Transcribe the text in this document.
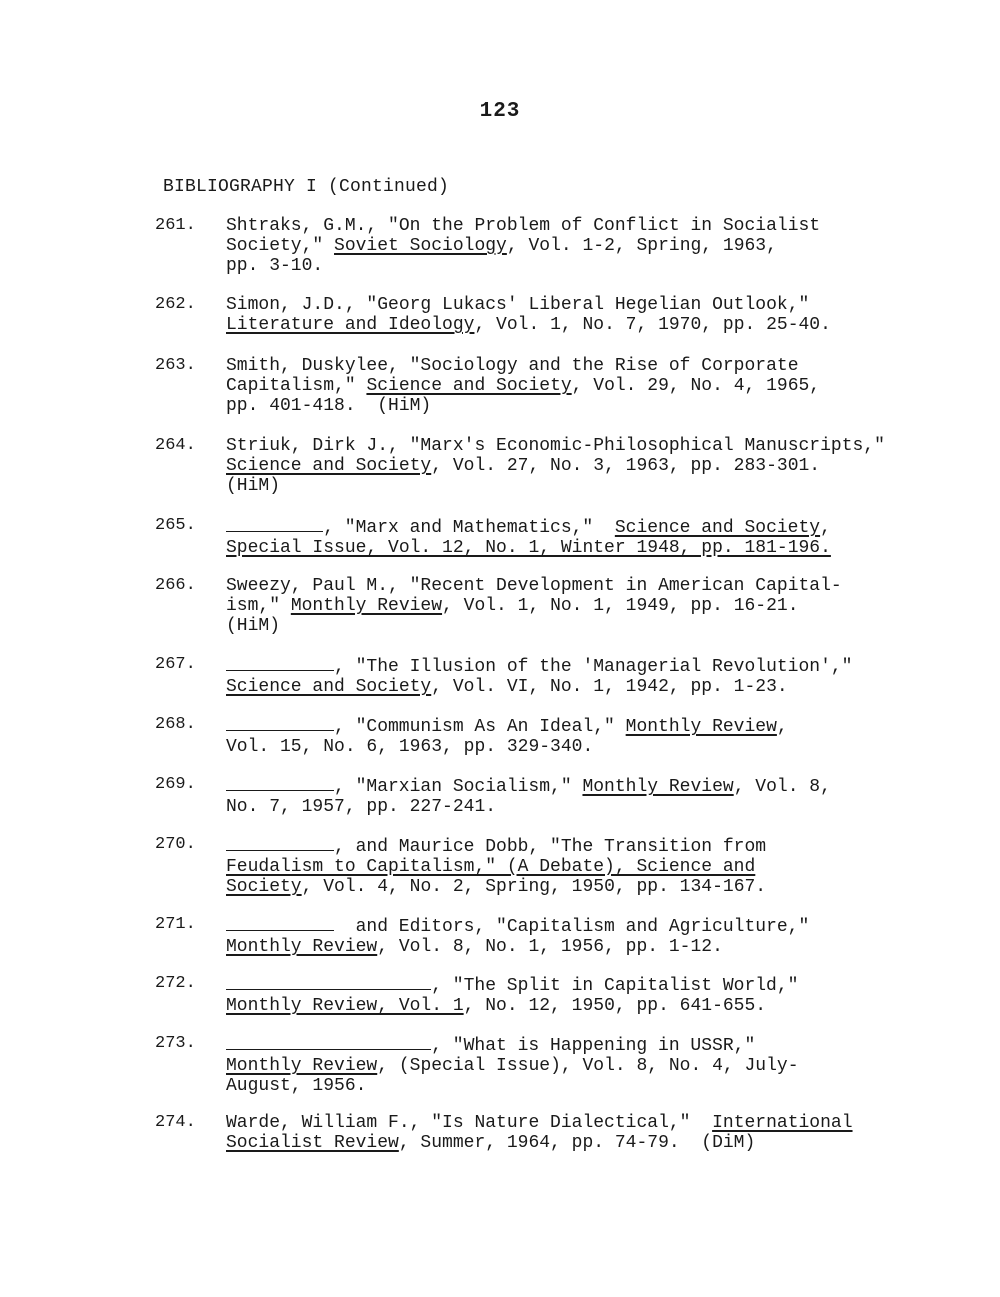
123
BIBLIOGRAPHY I (Continued)
261. Shtraks, G.M., "On the Problem of Conflict in Socialist
Society," Soviet Sociology, Vol. 1-2, Spring, 1963,
pp. 3-10.
262. Simon, J.D., "Georg Lukacs' Liberal Hegelian Outlook,"
Literature and Ideology, Vol. 1, No. 7, 1970, pp. 25-40.
263. Smith, Duskylee, "Sociology and the Rise of Corporate
Capitalism," Science and Society, Vol. 29, No. 4, 1965,
pp. 401-418.  (HiM)
264. Striuk, Dirk J., "Marx's Economic-Philosophical Manuscripts,"
Science and Society, Vol. 27, No. 3, 1963, pp. 283-301.
(HiM)
265.	, "Marx and Mathematics,"  Science and Society,
Special Issue, Vol. 12, No. 1, Winter 1948, pp. 181-196.
266. Sweezy, Paul M., "Recent Development in American Capital-
ism," Monthly Review, Vol. 1, No. 1, 1949, pp. 16-21.
(HiM)
267.	, "The Illusion of the 'Managerial Revolution',"
Science and Society, Vol. VI, No. 1, 1942, pp. 1-23.
268.	, "Communism As An Ideal," Monthly Review,
Vol. 15, No. 6, 1963, pp. 329-340.
269.	, "Marxian Socialism," Monthly Review, Vol. 8,
No. 7, 1957, pp. 227-241.
270.	, and Maurice Dobb, "The Transition from
Feudalism to Capitalism," (A Debate), Science and
Society, Vol. 4, No. 2, Spring, 1950, pp. 134-167.
271.	and Editors, "Capitalism and Agriculture,"
Monthly Review, Vol. 8, No. 1, 1956, pp. 1-12.
272.	, "The Split in Capitalist World,"
Monthly Review, Vol. 1, No. 12, 1950, pp. 641-655.
273.	, "What is Happening in USSR,"
Monthly Review, (Special Issue), Vol. 8, No. 4, July-
August, 1956.
274. Warde, William F., "Is Nature Dialectical,"  International
Socialist Review, Summer, 1964, pp. 74-79.  (DiM)
